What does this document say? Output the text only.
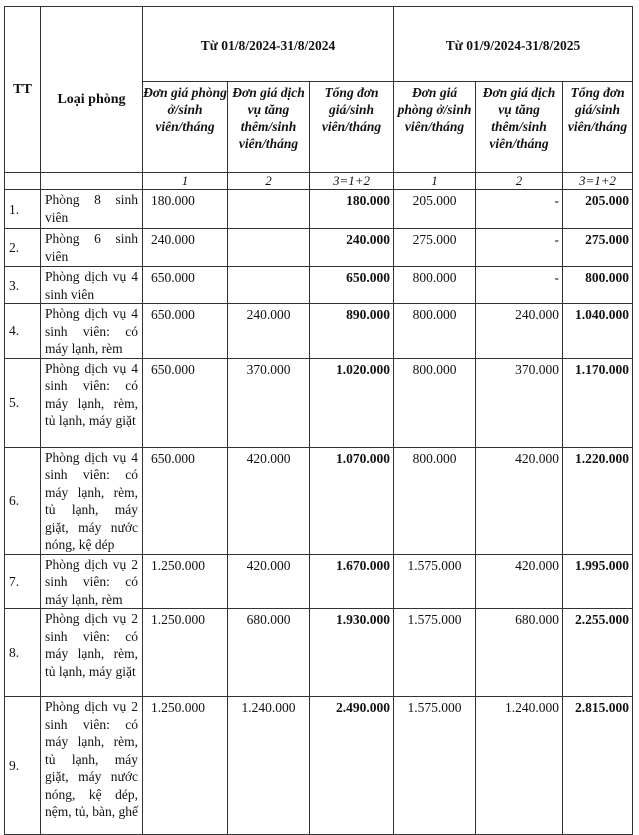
TT	Loại phòng	Từ 01/8/2024-31/8/2024			Từ 01/9/2024-31/8/2025		
		Đơn giá phòng ở/sinh viên/tháng	Đơn giá dịch vụ tăng thêm/sinh viên/tháng	Tổng đơn giá/sinh viên/tháng	Đơn giá phòng ở/sinh viên/tháng	Đơn giá dịch vụ tăng thêm/sinh viên/tháng	Tổng đơn giá/sinh viên/tháng
		1	2	3=1+2	1	2	3=1+2
1.	Phòng 8 sinh viên	180.000		180.000	205.000	-	205.000
2.	Phòng 6 sinh viên	240.000		240.000	275.000	-	275.000
3.	Phòng dịch vụ 4 sinh viên	650.000		650.000	800.000	-	800.000
4.	Phòng dịch vụ 4 sinh viên: có máy lạnh, rèm	650.000	240.000	890.000	800.000	240.000	1.040.000
5.	Phòng dịch vụ 4 sinh viên: có máy lạnh, rèm, tủ lạnh, máy giặt	650.000	370.000	1.020.000	800.000	370.000	1.170.000
6.	Phòng dịch vụ 4 sinh viên: có máy lạnh, rèm, tủ lạnh, máy giặt, máy nước nóng, kệ dép	650.000	420.000	1.070.000	800.000	420.000	1.220.000
7.	Phòng dịch vụ 2 sinh viên: có máy lạnh, rèm	1.250.000	420.000	1.670.000	1.575.000	420.000	1.995.000
8.	Phòng dịch vụ 2 sinh viên: có máy lạnh, rèm, tủ lạnh, máy giặt	1.250.000	680.000	1.930.000	1.575.000	680.000	2.255.000
9.	Phòng dịch vụ 2 sinh viên: có máy lạnh, rèm, tủ lạnh, máy giặt, máy nước nóng, kệ dép, nệm, tủ, bàn, ghế	1.250.000	1.240.000	2.490.000	1.575.000	1.240.000	2.815.000
